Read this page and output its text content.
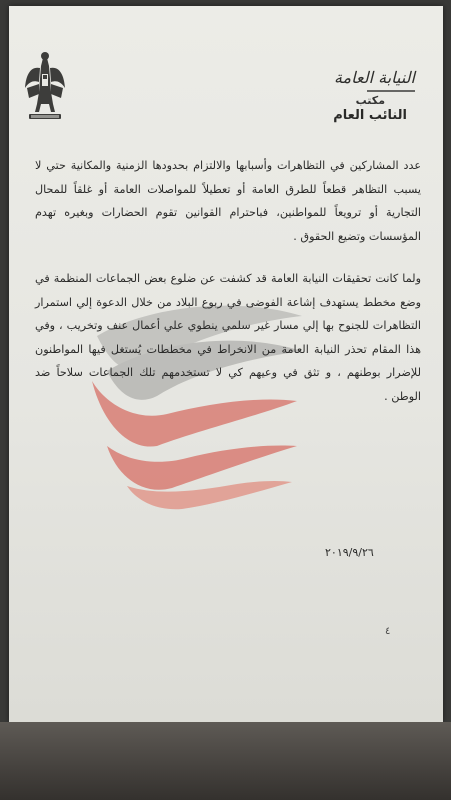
النيابة العامة
مكتب
النائب العام

عدد المشاركين في التظاهرات وأسبابها والالتزام بحدودها الزمنية والمكانية حتي لا يسبب التظاهر قطعاً للطرق العامة أو تعطيلاً للمواصلات العامة أو غلقاً للمحال التجارية أو ترويعاً للمواطنين، فباحترام القوانين تقوم الحضارات وبغيره تهدم المؤسسات وتضيع الحقوق .

ولما كانت تحقيقات النيابة العامة قد كشفت عن ضلوع بعض الجماعات المنظمة في وضع مخطط يستهدف إشاعة الفوضى في ربوع البلاد من خلال الدعوة إلي استمرار التظاهرات للجنوح بها إلي مسار غير سلمي ينطوي علي أعمال عنف وتخريب ، وفي هذا المقام تحذر النيابة العامة من الانخراط في مخططات يُستغل فيها المواطنون للإضرار بوطنهم ، و تثق في وعيهم كي لا تستخدمهم تلك الجماعات سلاحاً ضد الوطن .

٢٠١٩/٩/٢٦
٤
